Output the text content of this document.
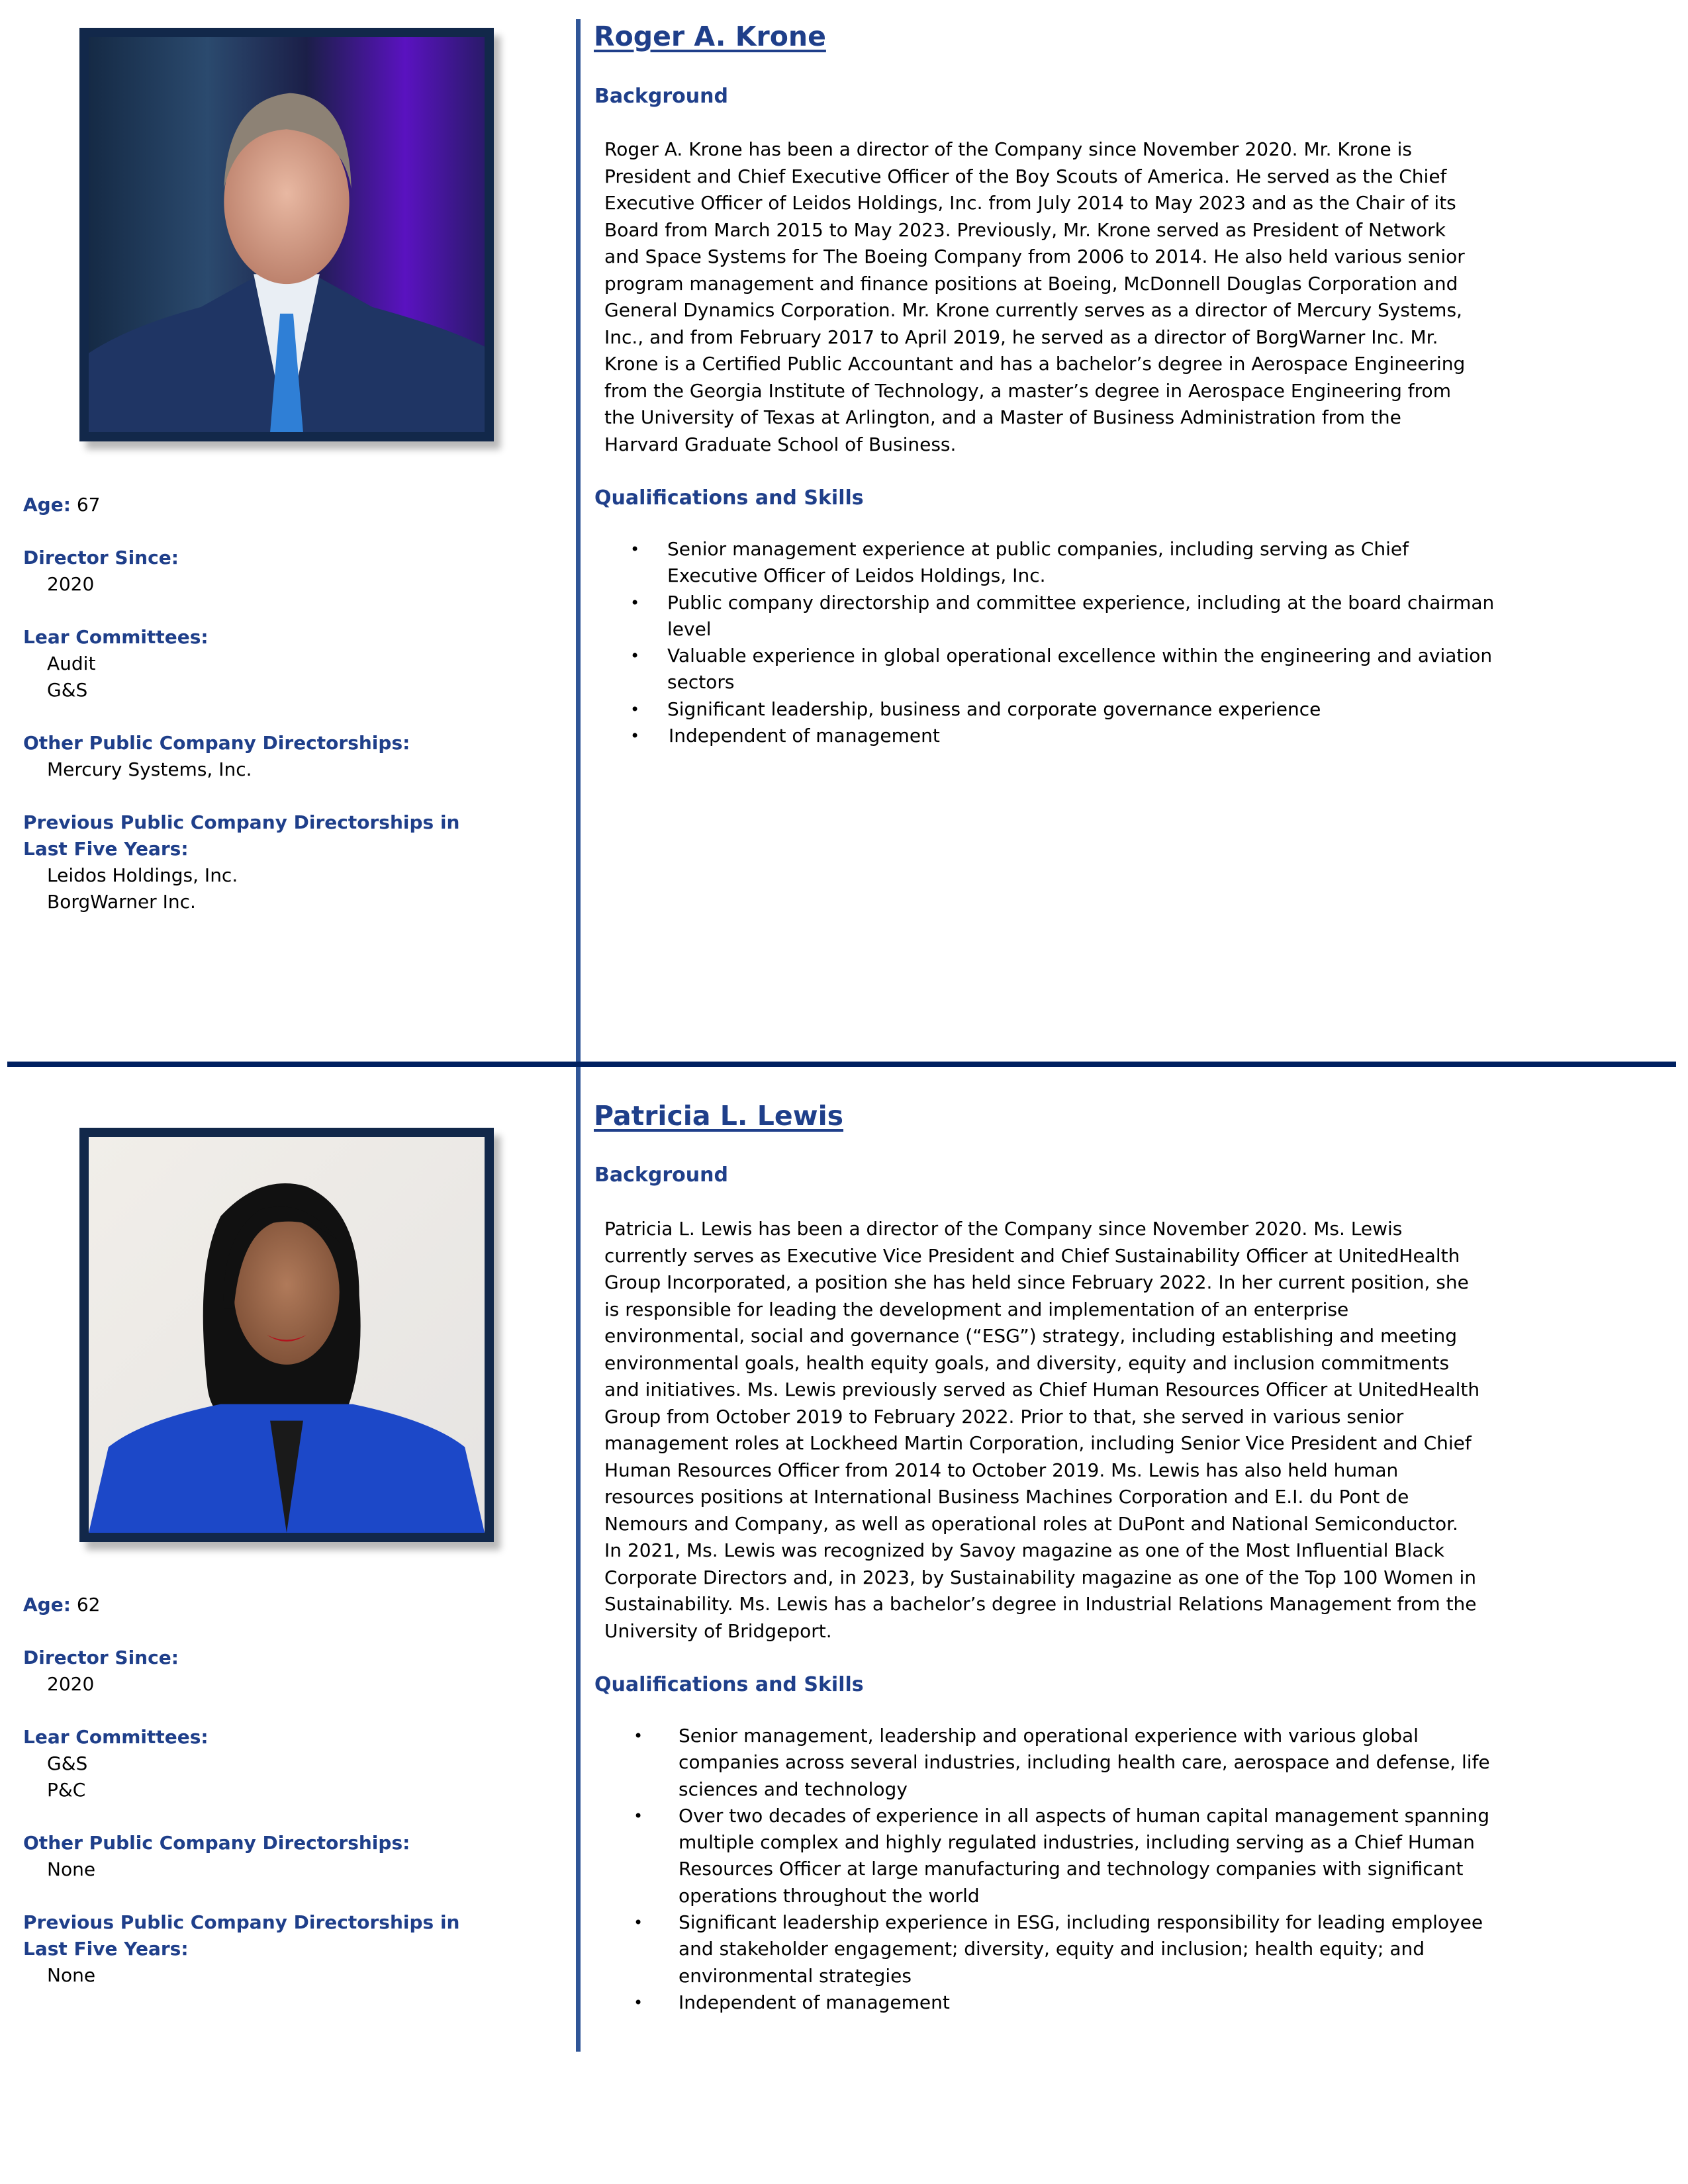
Roger A. Krone
Background
Roger A. Krone has been a director of the Company since November 2020. Mr. Krone is
President and Chief Executive Officer of the Boy Scouts of America. He served as the Chief
Executive Officer of Leidos Holdings, Inc. from July 2014 to May 2023 and as the Chair of its
Board from March 2015 to May 2023. Previously, Mr. Krone served as President of Network
and Space Systems for The Boeing Company from 2006 to 2014. He also held various senior
program management and finance positions at Boeing, McDonnell Douglas Corporation and
General Dynamics Corporation. Mr. Krone currently serves as a director of Mercury Systems,
Inc., and from February 2017 to April 2019, he served as a director of BorgWarner Inc. Mr.
Krone is a Certified Public Accountant and has a bachelor’s degree in Aerospace Engineering
from the Georgia Institute of Technology, a master’s degree in Aerospace Engineering from
the University of Texas at Arlington, and a Master of Business Administration from the
Harvard Graduate School of Business.
Qualifications and Skills
• Senior management experience at public companies, including serving as Chief
Executive Officer of Leidos Holdings, Inc.
• Public company directorship and committee experience, including at the board chairman
level
• Valuable experience in global operational excellence within the engineering and aviation
sectors
• Significant leadership, business and corporate governance experience
• Independent of management
Age: 67
Director Since:
2020
Lear Committees:
Audit
G&S
Other Public Company Directorships:
Mercury Systems, Inc.
Previous Public Company Directorships in
Last Five Years:
Leidos Holdings, Inc.
BorgWarner Inc.
Patricia L. Lewis
Background
Patricia L. Lewis has been a director of the Company since November 2020. Ms. Lewis
currently serves as Executive Vice President and Chief Sustainability Officer at UnitedHealth
Group Incorporated, a position she has held since February 2022. In her current position, she
is responsible for leading the development and implementation of an enterprise
environmental, social and governance (“ESG”) strategy, including establishing and meeting
environmental goals, health equity goals, and diversity, equity and inclusion commitments
and initiatives. Ms. Lewis previously served as Chief Human Resources Officer at UnitedHealth
Group from October 2019 to February 2022. Prior to that, she served in various senior
management roles at Lockheed Martin Corporation, including Senior Vice President and Chief
Human Resources Officer from 2014 to October 2019. Ms. Lewis has also held human
resources positions at International Business Machines Corporation and E.I. du Pont de
Nemours and Company, as well as operational roles at DuPont and National Semiconductor.
In 2021, Ms. Lewis was recognized by Savoy magazine as one of the Most Influential Black
Corporate Directors and, in 2023, by Sustainability magazine as one of the Top 100 Women in
Sustainability. Ms. Lewis has a bachelor’s degree in Industrial Relations Management from the
University of Bridgeport.
Qualifications and Skills
• Senior management, leadership and operational experience with various global
companies across several industries, including health care, aerospace and defense, life
sciences and technology
• Over two decades of experience in all aspects of human capital management spanning
multiple complex and highly regulated industries, including serving as a Chief Human
Resources Officer at large manufacturing and technology companies with significant
operations throughout the world
• Significant leadership experience in ESG, including responsibility for leading employee
and stakeholder engagement; diversity, equity and inclusion; health equity; and
environmental strategies
• Independent of management
Age: 62
Director Since:
2020
Lear Committees:
G&S
P&C
Other Public Company Directorships:
None
Previous Public Company Directorships in
Last Five Years:
None
